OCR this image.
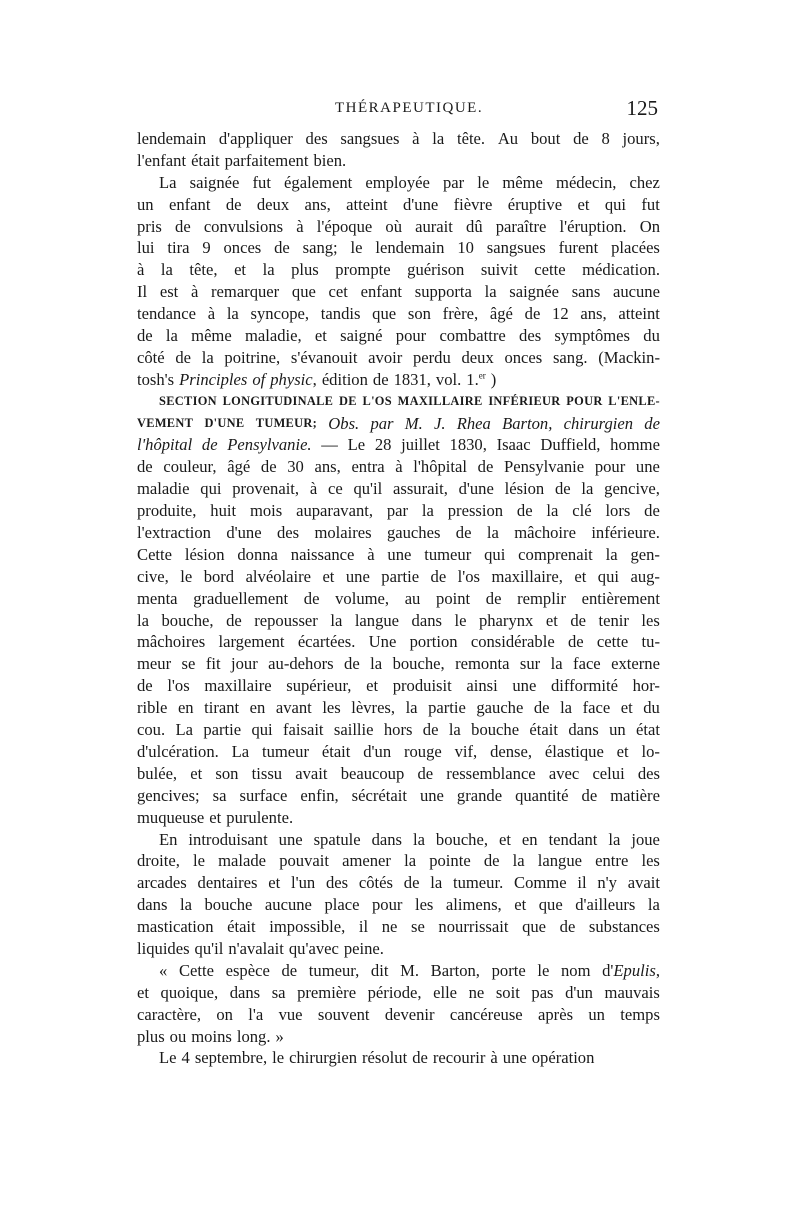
THÉRAPEUTIQUE.	125
lendemain d'appliquer des sangsues à la tête. Au bout de 8 jours,
l'enfant était parfaitement bien.
La saignée fut également employée par le même médecin, chez
un enfant de deux ans, atteint d'une fièvre éruptive et qui fut
pris de convulsions à l'époque où aurait dû paraître l'éruption. On
lui tira 9 onces de sang; le lendemain 10 sangsues furent placées
à la tête, et la plus prompte guérison suivit cette médication.
Il est à remarquer que cet enfant supporta la saignée sans aucune
tendance à la syncope, tandis que son frère, âgé de 12 ans, atteint
de la même maladie, et saigné pour combattre des symptômes du
côté de la poitrine, s'évanouit avoir perdu deux onces sang. (Mackin-
tosh's Principles of physic, édition de 1831, vol. 1.$^{er}$ )
SECTION LONGITUDINALE DE L'OS MAXILLAIRE INFÉRIEUR POUR L'ENLE-
VEMENT D'UNE TUMEUR; Obs. par M. J. Rhea Barton, chirurgien de
l'hôpital de Pensylvanie. — Le 28 juillet 1830, Isaac Duffield, homme
de couleur, âgé de 30 ans, entra à l'hôpital de Pensylvanie pour une
maladie qui provenait, à ce qu'il assurait, d'une lésion de la gencive,
produite, huit mois auparavant, par la pression de la clé lors de
l'extraction d'une des molaires gauches de la mâchoire inférieure.
Cette lésion donna naissance à une tumeur qui comprenait la gen-
cive, le bord alvéolaire et une partie de l'os maxillaire, et qui aug-
menta graduellement de volume, au point de remplir entièrement
la bouche, de repousser la langue dans le pharynx et de tenir les
mâchoires largement écartées. Une portion considérable de cette tu-
meur se fit jour au-dehors de la bouche, remonta sur la face externe
de l'os maxillaire supérieur, et produisit ainsi une difformité hor-
rible en tirant en avant les lèvres, la partie gauche de la face et du
cou. La partie qui faisait saillie hors de la bouche était dans un état
d'ulcération. La tumeur était d'un rouge vif, dense, élastique et lo-
bulée, et son tissu avait beaucoup de ressemblance avec celui des
gencives; sa surface enfin, sécrétait une grande quantité de matière
muqueuse et purulente.
En introduisant une spatule dans la bouche, et en tendant la joue
droite, le malade pouvait amener la pointe de la langue entre les
arcades dentaires et l'un des côtés de la tumeur. Comme il n'y avait
dans la bouche aucune place pour les alimens, et que d'ailleurs la
mastication était impossible, il ne se nourrissait que de substances
liquides qu'il n'avalait qu'avec peine.
« Cette espèce de tumeur, dit M. Barton, porte le nom d'Epulis,
et quoique, dans sa première période, elle ne soit pas d'un mauvais
caractère, on l'a vue souvent devenir cancéreuse après un temps
plus ou moins long. »
Le 4 septembre, le chirurgien résolut de recourir à une opération
